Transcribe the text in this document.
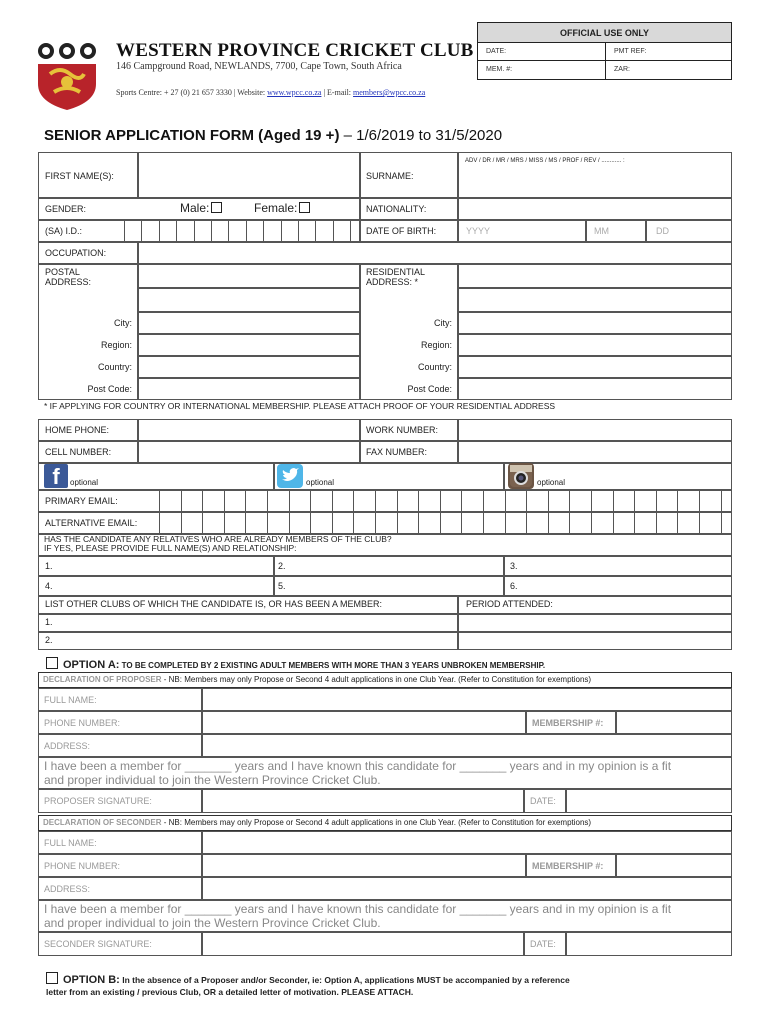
WESTERN PROVINCE CRICKET CLUB
146 Campground Road, NEWLANDS, 7700, Cape Town, South Africa
Sports Centre: + 27 (0) 21 657 3330 | Website: www.wpcc.co.za | E-mail: members@wpcc.co.za
OFFICIAL USE ONLY
DATE:	PMT REF:
MEM. #:	ZAR:
SENIOR APPLICATION FORM (Aged 19 +) – 1/6/2019 to 31/5/2020
FIRST NAME(S):	SURNAME:
ADV / DR / MR / MRS / MISS / MS / PROF / REV / ............ :
GENDER:	Male:	Female:	NATIONALITY:
(SA) I.D.:	DATE OF BIRTH:	YYYY	MM	DD
OCCUPATION:
POSTAL
ADDRESS:
City:
Region:
Country:
Post Code:
RESIDENTIAL
ADDRESS: *
City:
Region:
Country:
Post Code:
* IF APPLYING FOR COUNTRY OR INTERNATIONAL MEMBERSHIP. PLEASE ATTACH PROOF OF YOUR RESIDENTIAL ADDRESS
HOME PHONE:	WORK NUMBER:
CELL NUMBER:	FAX NUMBER:
f	optional	optional	optional
PRIMARY EMAIL:
ALTERNATIVE EMAIL:
HAS THE CANDIDATE ANY RELATIVES WHO ARE ALREADY MEMBERS OF THE CLUB?
IF YES, PLEASE PROVIDE FULL NAME(S) AND RELATIONSHIP:
1.	2.	3.
4.	5.	6.
LIST OTHER CLUBS OF WHICH THE CANDIDATE IS, OR HAS BEEN A MEMBER:	PERIOD ATTENDED:
1.
2.
OPTION A: TO BE COMPLETED BY 2 EXISTING ADULT MEMBERS WITH MORE THAN 3 YEARS UNBROKEN MEMBERSHIP.
DECLARATION OF PROPOSER - NB: Members may only Propose or Second 4 adult applications in one Club Year. (Refer to Constitution for exemptions)
FULL NAME:
PHONE NUMBER:	MEMBERSHIP #:
ADDRESS:
I have been a member for _______ years and I have known this candidate for _______ years and in my opinion is a fit
and proper individual to join the Western Province Cricket Club.
PROPOSER SIGNATURE:	DATE:
DECLARATION OF SECONDER - NB: Members may only Propose or Second 4 adult applications in one Club Year. (Refer to Constitution for exemptions)
FULL NAME:
PHONE NUMBER:	MEMBERSHIP #:
ADDRESS:
I have been a member for _______ years and I have known this candidate for _______ years and in my opinion is a fit
and proper individual to join the Western Province Cricket Club.
SECONDER SIGNATURE:	DATE:
OPTION B: In the absence of a Proposer and/or Seconder, ie: Option A, applications MUST be accompanied by a reference
letter from an existing / previous Club, OR a detailed letter of motivation. PLEASE ATTACH.
